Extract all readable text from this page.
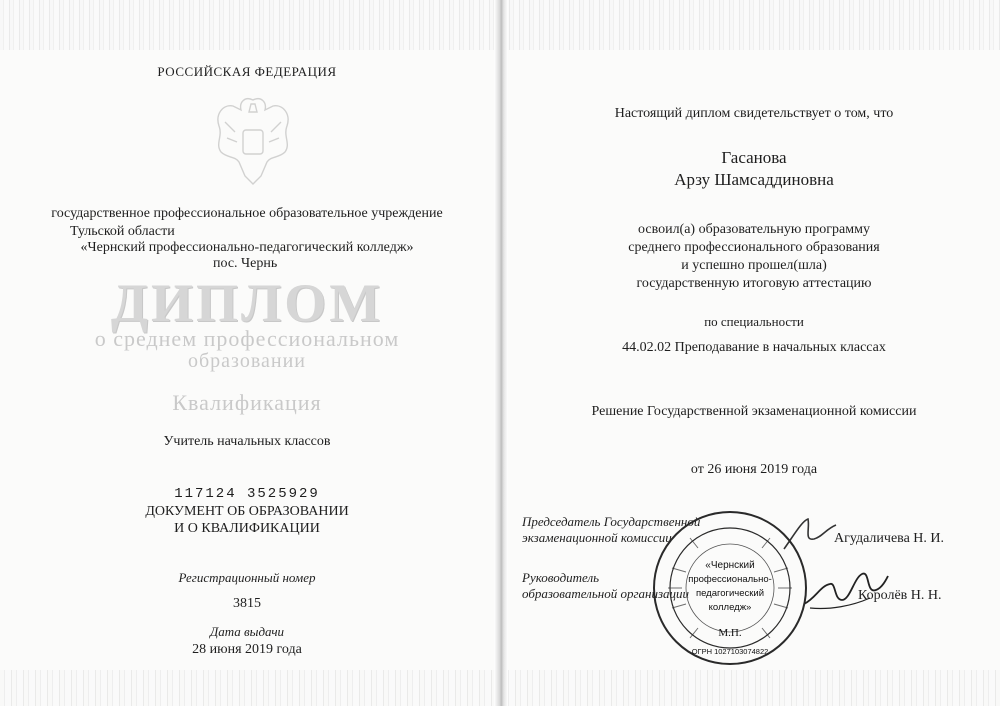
РОССИЙСКАЯ ФЕДЕРАЦИЯ
государственное профессиональное образовательное учреждение
Тульской области
«Чернский профессионально-педагогический колледж»
пос. Чернь
ДИПЛОМ
о среднем профессиональном
образовании
Квалификация
Учитель начальных классов
117124 3525929
ДОКУМЕНТ ОБ ОБРАЗОВАНИИ
И О КВАЛИФИКАЦИИ
Регистрационный номер
3815
Дата выдачи
28 июня 2019 года
Настоящий диплом свидетельствует о том, что
Гасанова
Арзу Шамсаддиновна
освоил(а) образовательную программу
среднего профессионального образования
и успешно прошел(шла)
государственную итоговую аттестацию
по специальности
44.02.02 Преподавание в начальных классах
Решение Государственной экзаменационной комиссии
от 26 июня 2019 года
Председатель Государственной
экзаменационной комиссии	Агудаличева Н. И.
Руководитель
образовательной организации	Королёв Н. Н.
«Чернский
профессионально-
педагогический
колледж»
М.П.
ОГРН 1027103074822
